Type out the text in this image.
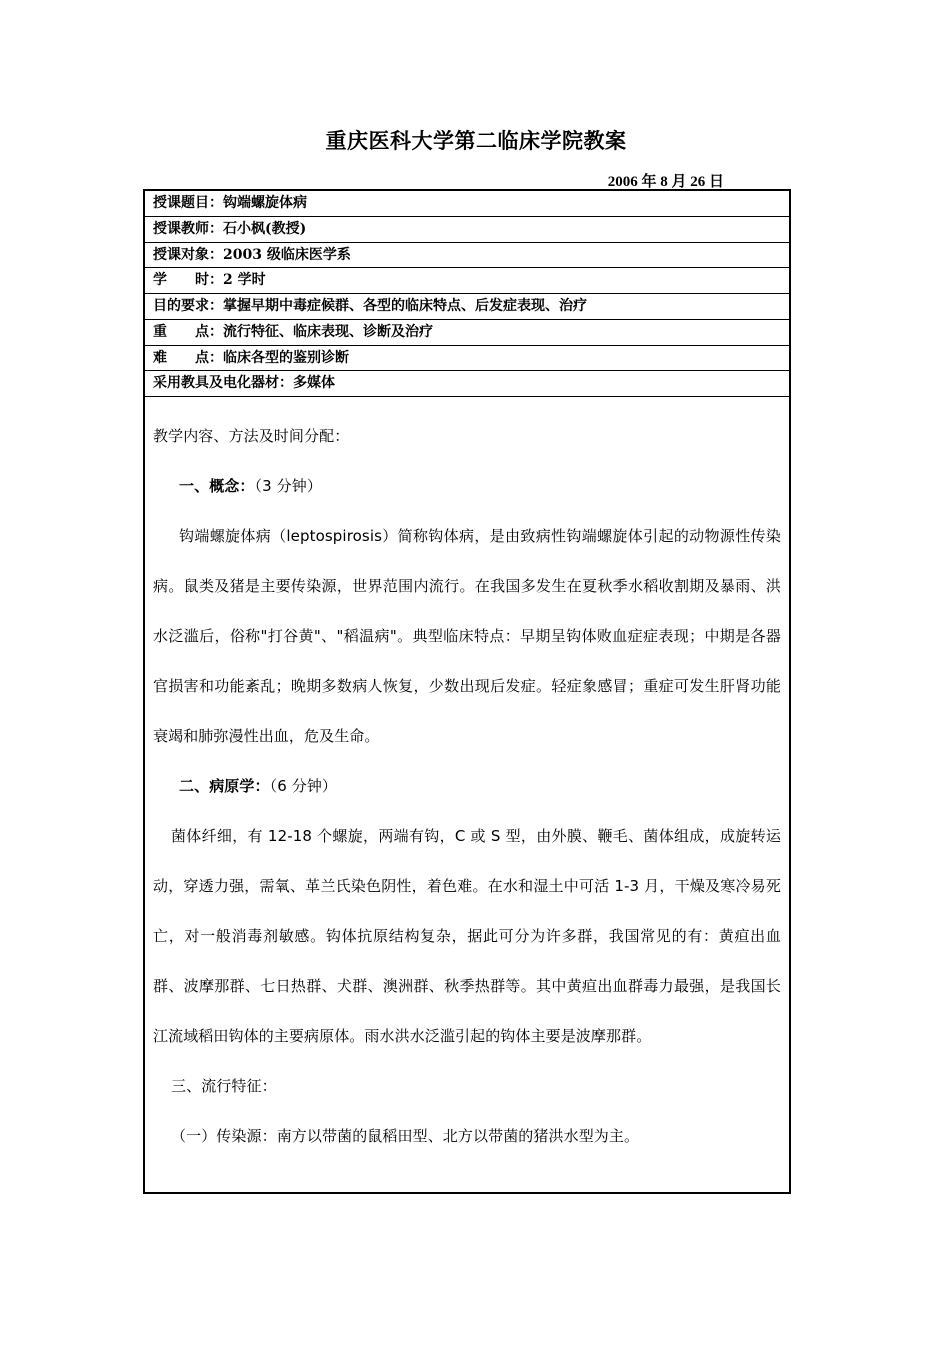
重庆医科大学第二临床学院教案
2006 年 8 月 26 日
授课题目：钩端螺旋体病
授课教师：石小枫(教授)
授课对象：2003 级临床医学系
学　　时：2 学时
目的要求：掌握早期中毒症候群、各型的临床特点、后发症表现、治疗
重　　点：流行特征、临床表现、诊断及治疗
难　　点：临床各型的鉴别诊断
采用教具及电化器材：多媒体

教学内容、方法及时间分配：

一、概念：（3 分钟）

钩端螺旋体病（leptospirosis）简称钩体病，是由致病性钩端螺旋体引起的动物源性传染病。鼠类及猪是主要传染源，世界范围内流行。在我国多发生在夏秋季水稻收割期及暴雨、洪水泛滥后，俗称"打谷黄"、"稻温病"。典型临床特点：早期呈钩体败血症症表现；中期是各器官损害和功能紊乱；晚期多数病人恢复，少数出现后发症。轻症象感冒；重症可发生肝肾功能衰竭和肺弥漫性出血，危及生命。

二、病原学：（6 分钟）

菌体纤细，有 12-18 个螺旋，两端有钩，C 或 S 型，由外膜、鞭毛、菌体组成，成旋转运动，穿透力强，需氧、革兰氏染色阴性，着色难。在水和湿土中可活 1-3 月，干燥及寒冷易死亡，对一般消毒剂敏感。钩体抗原结构复杂，据此可分为许多群，我国常见的有：黄疸出血群、波摩那群、七日热群、犬群、澳洲群、秋季热群等。其中黄疸出血群毒力最强，是我国长江流域稻田钩体的主要病原体。雨水洪水泛滥引起的钩体主要是波摩那群。

三、流行特征：

（一）传染源：南方以带菌的鼠稻田型、北方以带菌的猪洪水型为主。
